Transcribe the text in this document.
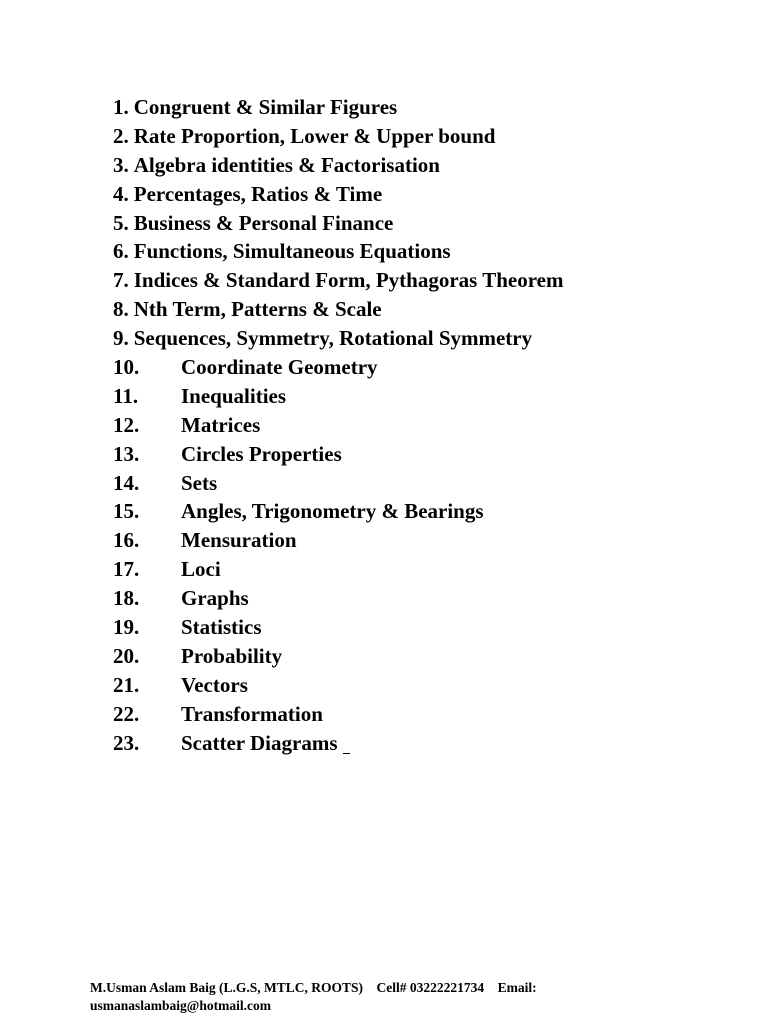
1. Congruent & Similar Figures
2. Rate Proportion, Lower & Upper bound
3. Algebra identities & Factorisation
4. Percentages, Ratios & Time
5. Business & Personal Finance
6. Functions, Simultaneous Equations
7. Indices & Standard Form, Pythagoras Theorem
8. Nth Term, Patterns & Scale
9. Sequences, Symmetry, Rotational Symmetry
10. Coordinate Geometry
11. Inequalities
12. Matrices
13. Circles Properties
14. Sets
15. Angles, Trigonometry & Bearings
16. Mensuration
17. Loci
18. Graphs
19. Statistics
20. Probability
21. Vectors
22. Transformation
23. Scatter Diagrams
M.Usman Aslam Baig (L.G.S, MTLC, ROOTS)    Cell# 03222221734    Email:
usmanaslambaig@hotmail.com
